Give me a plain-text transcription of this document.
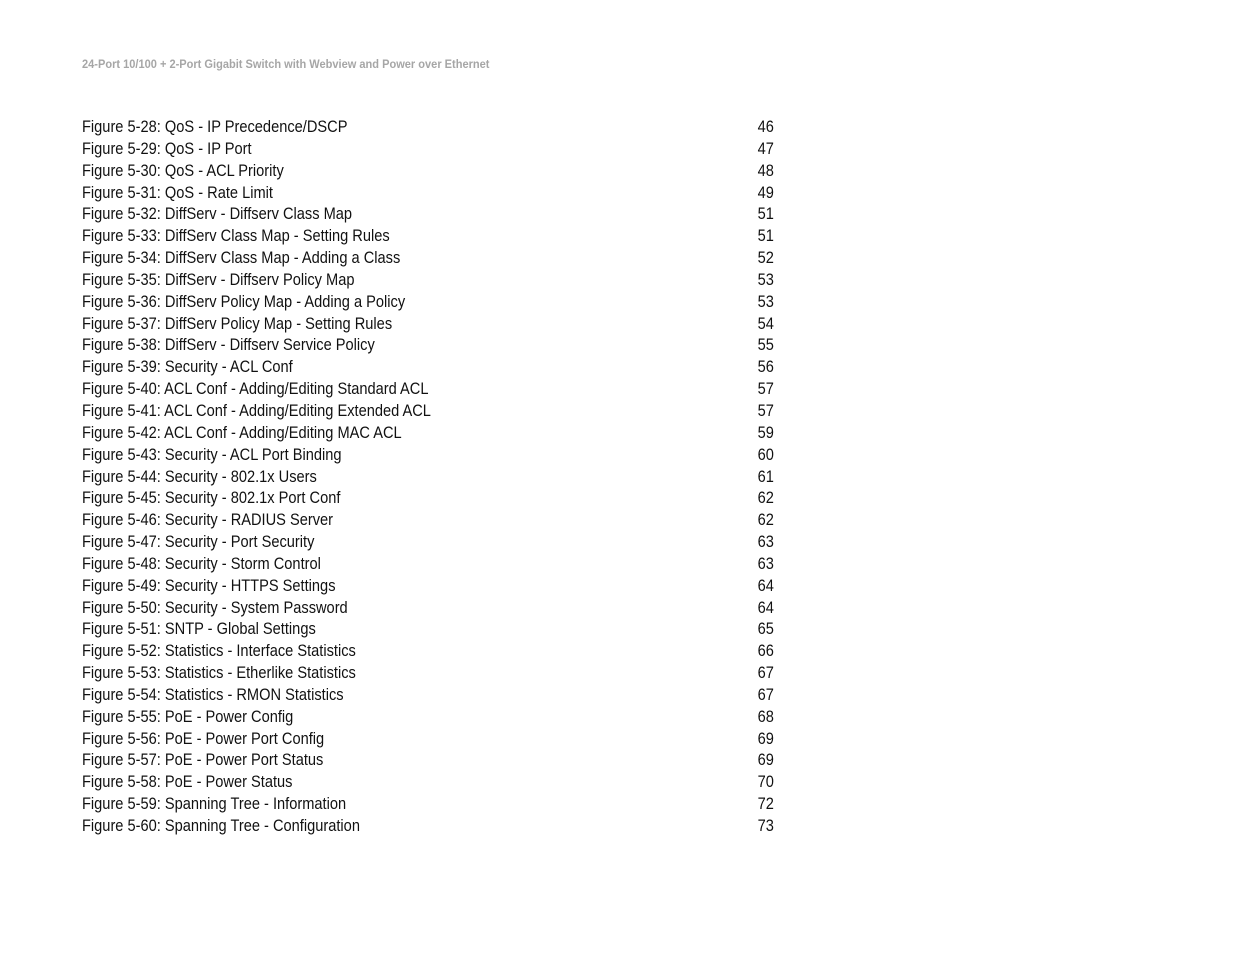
24-Port 10/100 + 2-Port Gigabit Switch with Webview and Power over Ethernet
Figure 5-28: QoS - IP Precedence/DSCP	46
Figure 5-29: QoS - IP Port	47
Figure 5-30: QoS - ACL Priority	48
Figure 5-31: QoS - Rate Limit	49
Figure 5-32: DiffServ - Diffserv Class Map	51
Figure 5-33: DiffServ Class Map - Setting Rules	51
Figure 5-34: DiffServ Class Map - Adding a Class	52
Figure 5-35: DiffServ - Diffserv Policy Map	53
Figure 5-36: DiffServ Policy Map - Adding a Policy	53
Figure 5-37: DiffServ Policy Map - Setting Rules	54
Figure 5-38: DiffServ - Diffserv Service Policy	55
Figure 5-39: Security - ACL Conf	56
Figure 5-40: ACL Conf - Adding/Editing Standard ACL	57
Figure 5-41: ACL Conf - Adding/Editing Extended ACL	57
Figure 5-42: ACL Conf - Adding/Editing MAC ACL	59
Figure 5-43: Security - ACL Port Binding	60
Figure 5-44: Security - 802.1x Users	61
Figure 5-45: Security - 802.1x Port Conf	62
Figure 5-46: Security - RADIUS Server	62
Figure 5-47: Security - Port Security	63
Figure 5-48: Security - Storm Control	63
Figure 5-49: Security - HTTPS Settings	64
Figure 5-50: Security - System Password	64
Figure 5-51: SNTP - Global Settings	65
Figure 5-52: Statistics - Interface Statistics	66
Figure 5-53: Statistics - Etherlike Statistics	67
Figure 5-54: Statistics - RMON Statistics	67
Figure 5-55: PoE - Power Config	68
Figure 5-56: PoE - Power Port Config	69
Figure 5-57: PoE - Power Port Status	69
Figure 5-58: PoE - Power Status	70
Figure 5-59: Spanning Tree - Information	72
Figure 5-60: Spanning Tree - Configuration	73
